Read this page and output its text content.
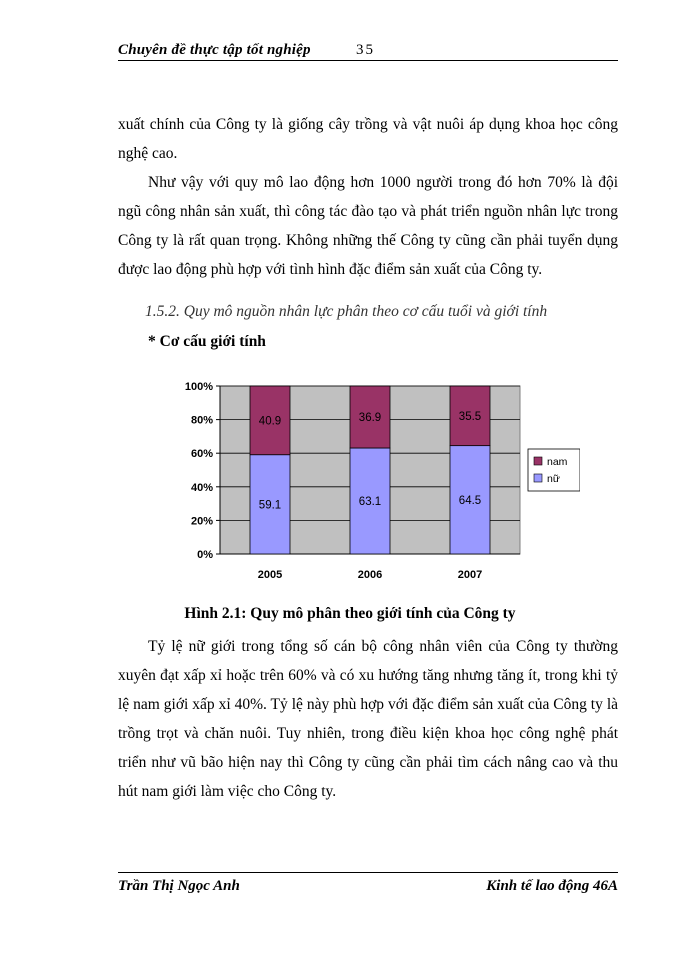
Chuyên đề thực tập tốt nghiệp	35

xuất chính của Công ty là giống cây trồng và vật nuôi áp dụng khoa học công nghệ cao.

Như vậy với quy mô lao động hơn 1000 người trong đó hơn 70% là đội ngũ công nhân sản xuất, thì công tác đào tạo và phát triển nguồn nhân lực trong Công ty là rất quan trọng. Không những thế Công ty cũng cần phải tuyển dụng được lao động phù hợp với tình hình đặc điểm sản xuất của Công ty.

1.5.2. Quy mô nguồn nhân lực phân theo cơ cấu tuổi và giới tính
* Cơ cấu giới tính
0%
20%
40%
60%
80%
100%
59.1
40.9
2005
63.1
36.9
2006
64.5
35.5
2007
nam
nữ
Hình 2.1: Quy mô phân theo giới tính của Công ty

Tỷ lệ nữ giới trong tổng số cán bộ công nhân viên của Công ty thường xuyên đạt xấp xỉ hoặc trên 60% và có xu hướng tăng nhưng tăng ít, trong khi tỷ lệ nam giới xấp xỉ 40%. Tỷ lệ này phù hợp với đặc điểm sản xuất của Công ty là trồng trọt và chăn nuôi. Tuy nhiên, trong điều kiện khoa học công nghệ phát triển như vũ bão hiện nay thì Công ty cũng cần phải tìm cách nâng cao và thu hút nam giới làm việc cho Công ty.

Trần Thị Ngọc Anh	Kinh tế lao động 46A
